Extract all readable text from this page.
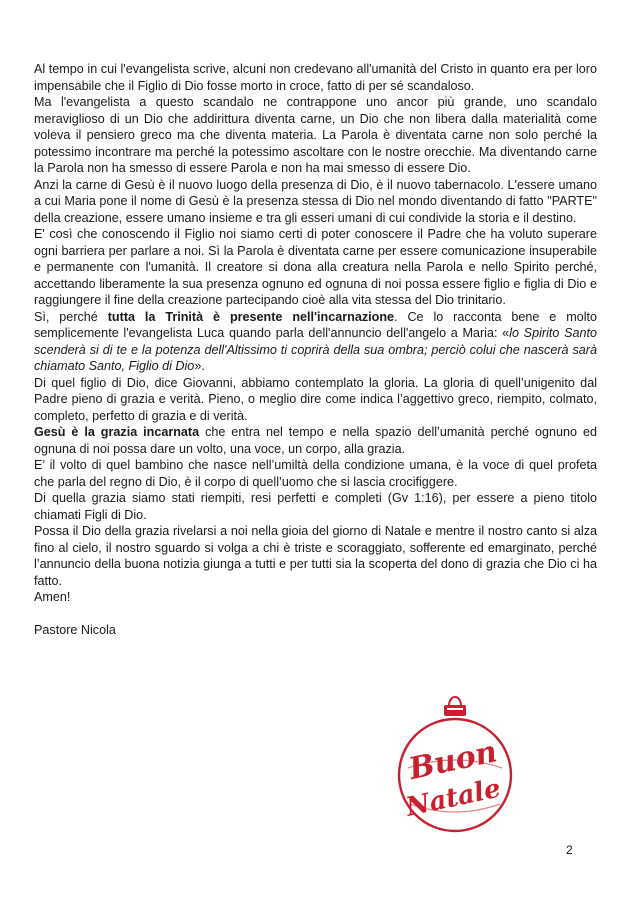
Al tempo in cui l'evangelista scrive, alcuni non credevano all'umanità del Cristo in quanto era per loro impensabile che il Figlio di Dio fosse morto in croce, fatto di per sé scandaloso.

Ma l'evangelista a questo scandalo ne contrappone uno ancor più grande, uno scandalo meraviglioso di un Dio che addirittura diventa carne, un Dio che non libera dalla materialità come voleva il pensiero greco ma che diventa materia. La Parola è diventata carne non solo perché la potessimo incontrare ma perché la potessimo ascoltare con le nostre orecchie. Ma diventando carne la Parola non ha smesso di essere Parola e non ha mai smesso di essere Dio.

Anzi la carne di Gesù è il nuovo luogo della presenza di Dio, è il nuovo tabernacolo. L'essere umano a cui Maria pone il nome di Gesù è la presenza stessa di Dio nel mondo diventando di fatto "PARTE" della creazione, essere umano insieme e tra gli esseri umani di cui condivide la storia e il destino.

E' così che conoscendo il Figlio noi siamo certi di poter conoscere il Padre che ha voluto superare ogni barriera per parlare a noi. Sì la Parola è diventata carne per essere comunicazione insuperabile e permanente con l'umanità. Il creatore si dona alla creatura nella Parola e nello Spirito perché, accettando liberamente la sua presenza ognuno ed ognuna di noi possa essere figlio e figlia di Dio e raggiungere il fine della creazione partecipando cioè alla vita stessa del Dio trinitario.

Sì, perché tutta la Trinità è presente nell'incarnazione. Ce lo racconta bene e molto semplicemente l'evangelista Luca quando parla dell'annuncio dell'angelo a Maria: «lo Spirito Santo scenderà si di te e la potenza dell'Altissimo ti coprirà della sua ombra; perciò colui che nascerà sarà chiamato Santo, Figlio di Dio».

Di quel figlio di Dio, dice Giovanni, abbiamo contemplato la gloria. La gloria di quell’unigenito dal Padre pieno di grazia e verità. Pieno, o meglio dire come indica l’aggettivo greco, riempito, colmato, completo, perfetto di grazia e di verità.

Gesù è la grazia incarnata che entra nel tempo e nella spazio dell’umanità perché ognuno ed ognuna di noi possa dare un volto, una voce, un corpo, alla grazia.

E’ il volto di quel bambino che nasce nell’umiltà della condizione umana, è la voce di quel profeta che parla del regno di Dio, è il corpo di quell’uomo che si lascia crocifiggere.

Di quella grazia siamo stati riempiti, resi perfetti e completi (Gv 1:16), per essere a pieno titolo chiamati Figli di Dio.

Possa il Dio della grazia rivelarsi a noi nella gioia del giorno di Natale e mentre il nostro canto si alza fino al cielo, il nostro sguardo si volga a chi è triste e scoraggiato, sofferente ed emarginato, perché l’annuncio della buona notizia giunga a tutti e per tutti sia la scoperta del dono di grazia che Dio ci ha fatto.

Amen!

Pastore Nicola

Buon
Natale
2
